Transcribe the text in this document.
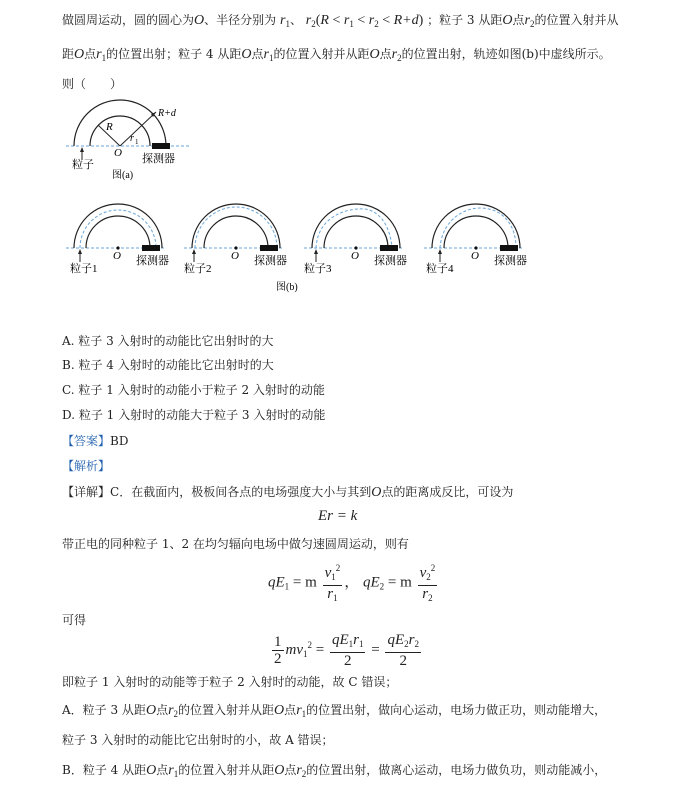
做圆周运动，圆的圆心为O、半径分别为 $r_1$、 $r_2(R < r_1 < r_2 < R+d)$ ；粒子 3 从距O点$r_2$的位置入射并从
距O点$r_1$的位置出射；粒子 4 从距O点$r_1$的位置入射并从距O点$r_2$的位置出射，轨迹如图(b)中虚线所示。
则（　　）
R
R+d
r 1
O
粒子	探测器
图(a)
O
粒子1
探测器	O
粒子2
探测器	O
粒子3
探测器	O
粒子4
探测器
图(b)
A. 粒子 3 入射时的动能比它出射时的大
B. 粒子 4 入射时的动能比它出射时的大
C. 粒子 1 入射时的动能小于粒子 2 入射时的动能
D. 粒子 1 入射时的动能大于粒子 3 入射时的动能
【答案】BD
【解析】
【详解】C．在截面内，极板间各点的电场强度大小与其到O点的距离成反比，可设为
Er = k
带正电的同种粒子 1、2 在均匀辐向电场中做匀速圆周运动，则有
$qE_1 = m \frac{v_1^2}{r_1}$ ， $qE_2 = m \frac{v_2^2}{r_2}$
可得
$\frac{1}{2} mv_1^2 = \frac{qE_1r_1}{2} = \frac{qE_2r_2}{2}$
即粒子 1 入射时的动能等于粒子 2 入射时的动能，故 C 错误；
A．粒子 3 从距O点$r_2$的位置入射并从距O点$r_1$的位置出射，做向心运动，电场力做正功，则动能增大，
粒子 3 入射时的动能比它出射时的小，故 A 错误；
B．粒子 4 从距O点$r_1$的位置入射并从距O点$r_2$的位置出射，做离心运动，电场力做负功，则动能减小，
